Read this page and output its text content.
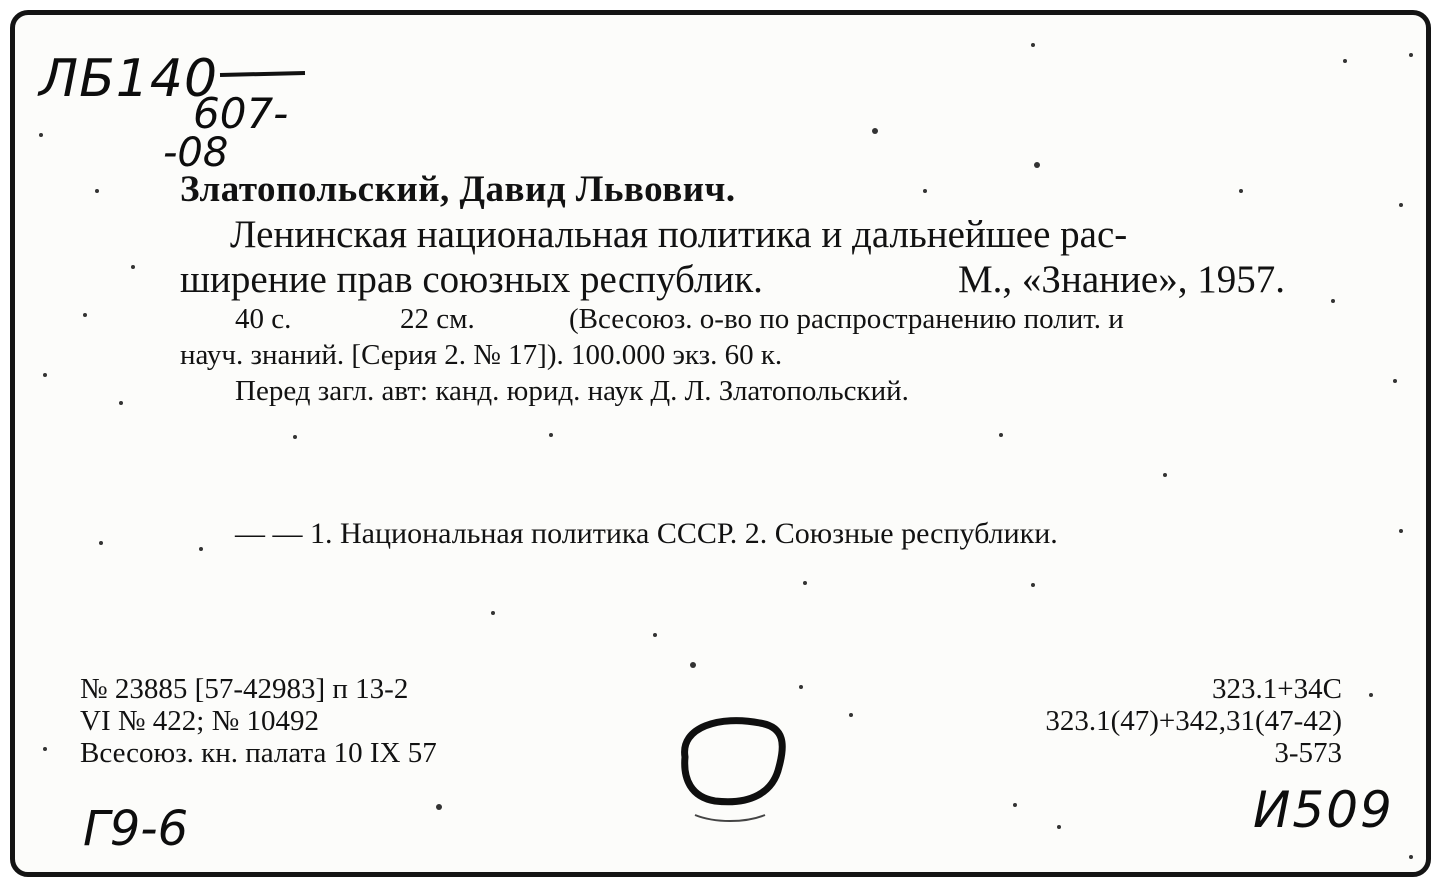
ЛБ140
607-
-08
Златопольский, Давид Львович.
Ленинская национальная политика и дальнейшее рас-
ширение прав союзных республик.	М., «Знание», 1957.
40 с.	22 см.	(Всесоюз. о-во по распространению полит. и
науч. знаний. [Серия 2. № 17]). 100.000 экз. 60 к.
Перед загл. авт: канд. юрид. наук Д. Л. Златопольский.
— — 1. Национальная политика СССР. 2. Союзные республики.
№ 23885 [57-42983] п 13-2
VI № 422; № 10492
Всесоюз. кн. палата 10 IX 57
323.1+34С
323.1(47)+342,31(47-42)
3-573
Г9-6	И509
